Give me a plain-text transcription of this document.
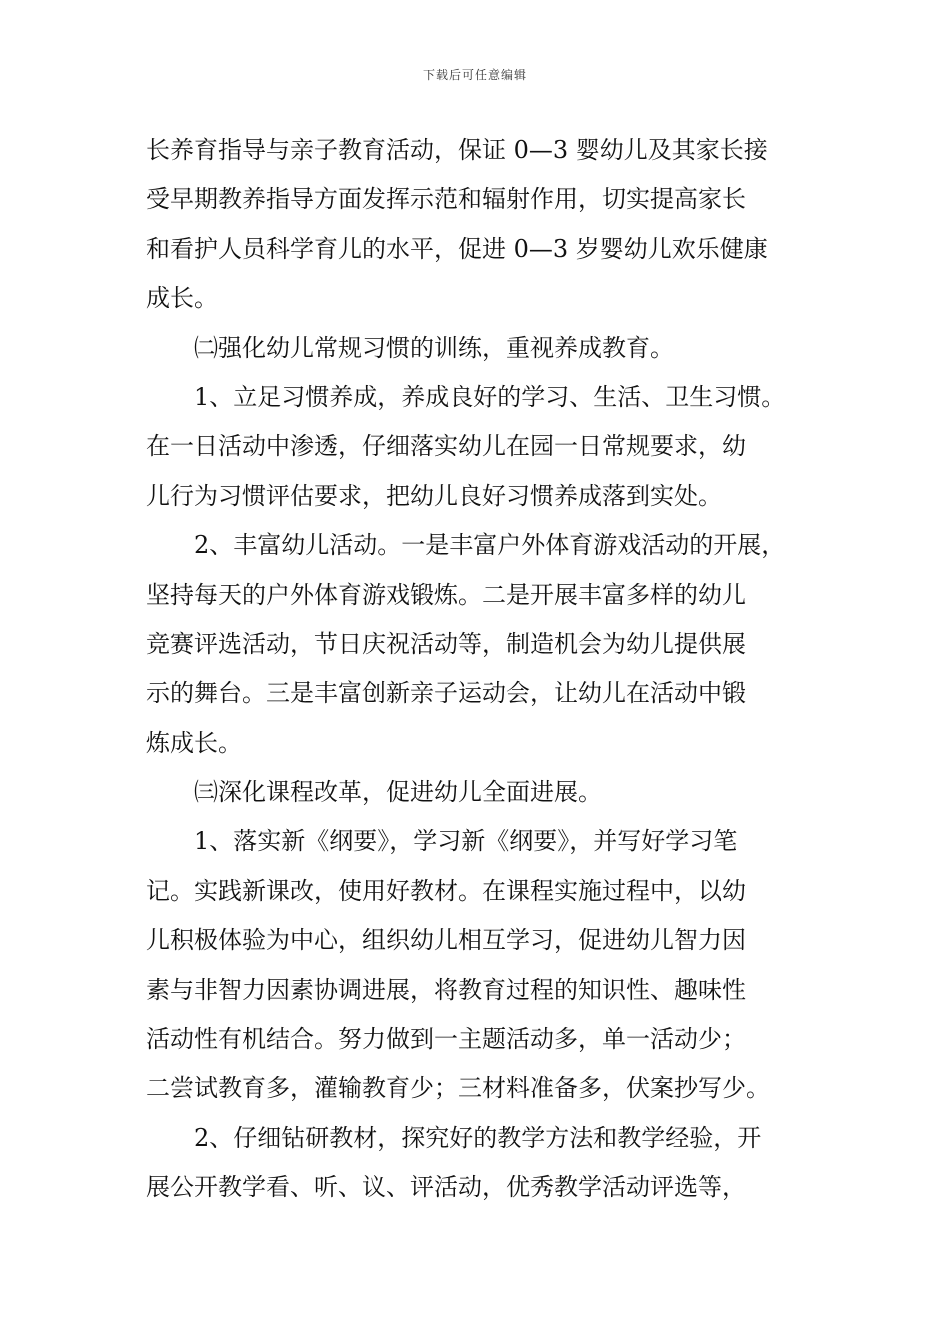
下载后可任意编辑
长养育指导与亲子教育活动，保证 0—3 婴幼儿及其家长接
受早期教养指导方面发挥示范和辐射作用，切实提高家长
和看护人员科学育儿的水平，促进 0—3 岁婴幼儿欢乐健康
成长。
㈡强化幼儿常规习惯的训练，重视养成教育。
1、立足习惯养成，养成良好的学习、生活、卫生习惯。
在一日活动中渗透，仔细落实幼儿在园一日常规要求，幼
儿行为习惯评估要求，把幼儿良好习惯养成落到实处。
2、丰富幼儿活动。一是丰富户外体育游戏活动的开展，
坚持每天的户外体育游戏锻炼。二是开展丰富多样的幼儿
竞赛评选活动，节日庆祝活动等，制造机会为幼儿提供展
示的舞台。三是丰富创新亲子运动会，让幼儿在活动中锻
炼成长。
㈢深化课程改革，促进幼儿全面进展。
1、落实新《纲要》，学习新《纲要》，并写好学习笔
记。实践新课改，使用好教材。在课程实施过程中，以幼
儿积极体验为中心，组织幼儿相互学习，促进幼儿智力因
素与非智力因素协调进展，将教育过程的知识性、趣味性
活动性有机结合。努力做到一主题活动多，单一活动少；
二尝试教育多，灌输教育少；三材料准备多，伏案抄写少。
2、仔细钻研教材，探究好的教学方法和教学经验，开
展公开教学看、听、议、评活动，优秀教学活动评选等，
